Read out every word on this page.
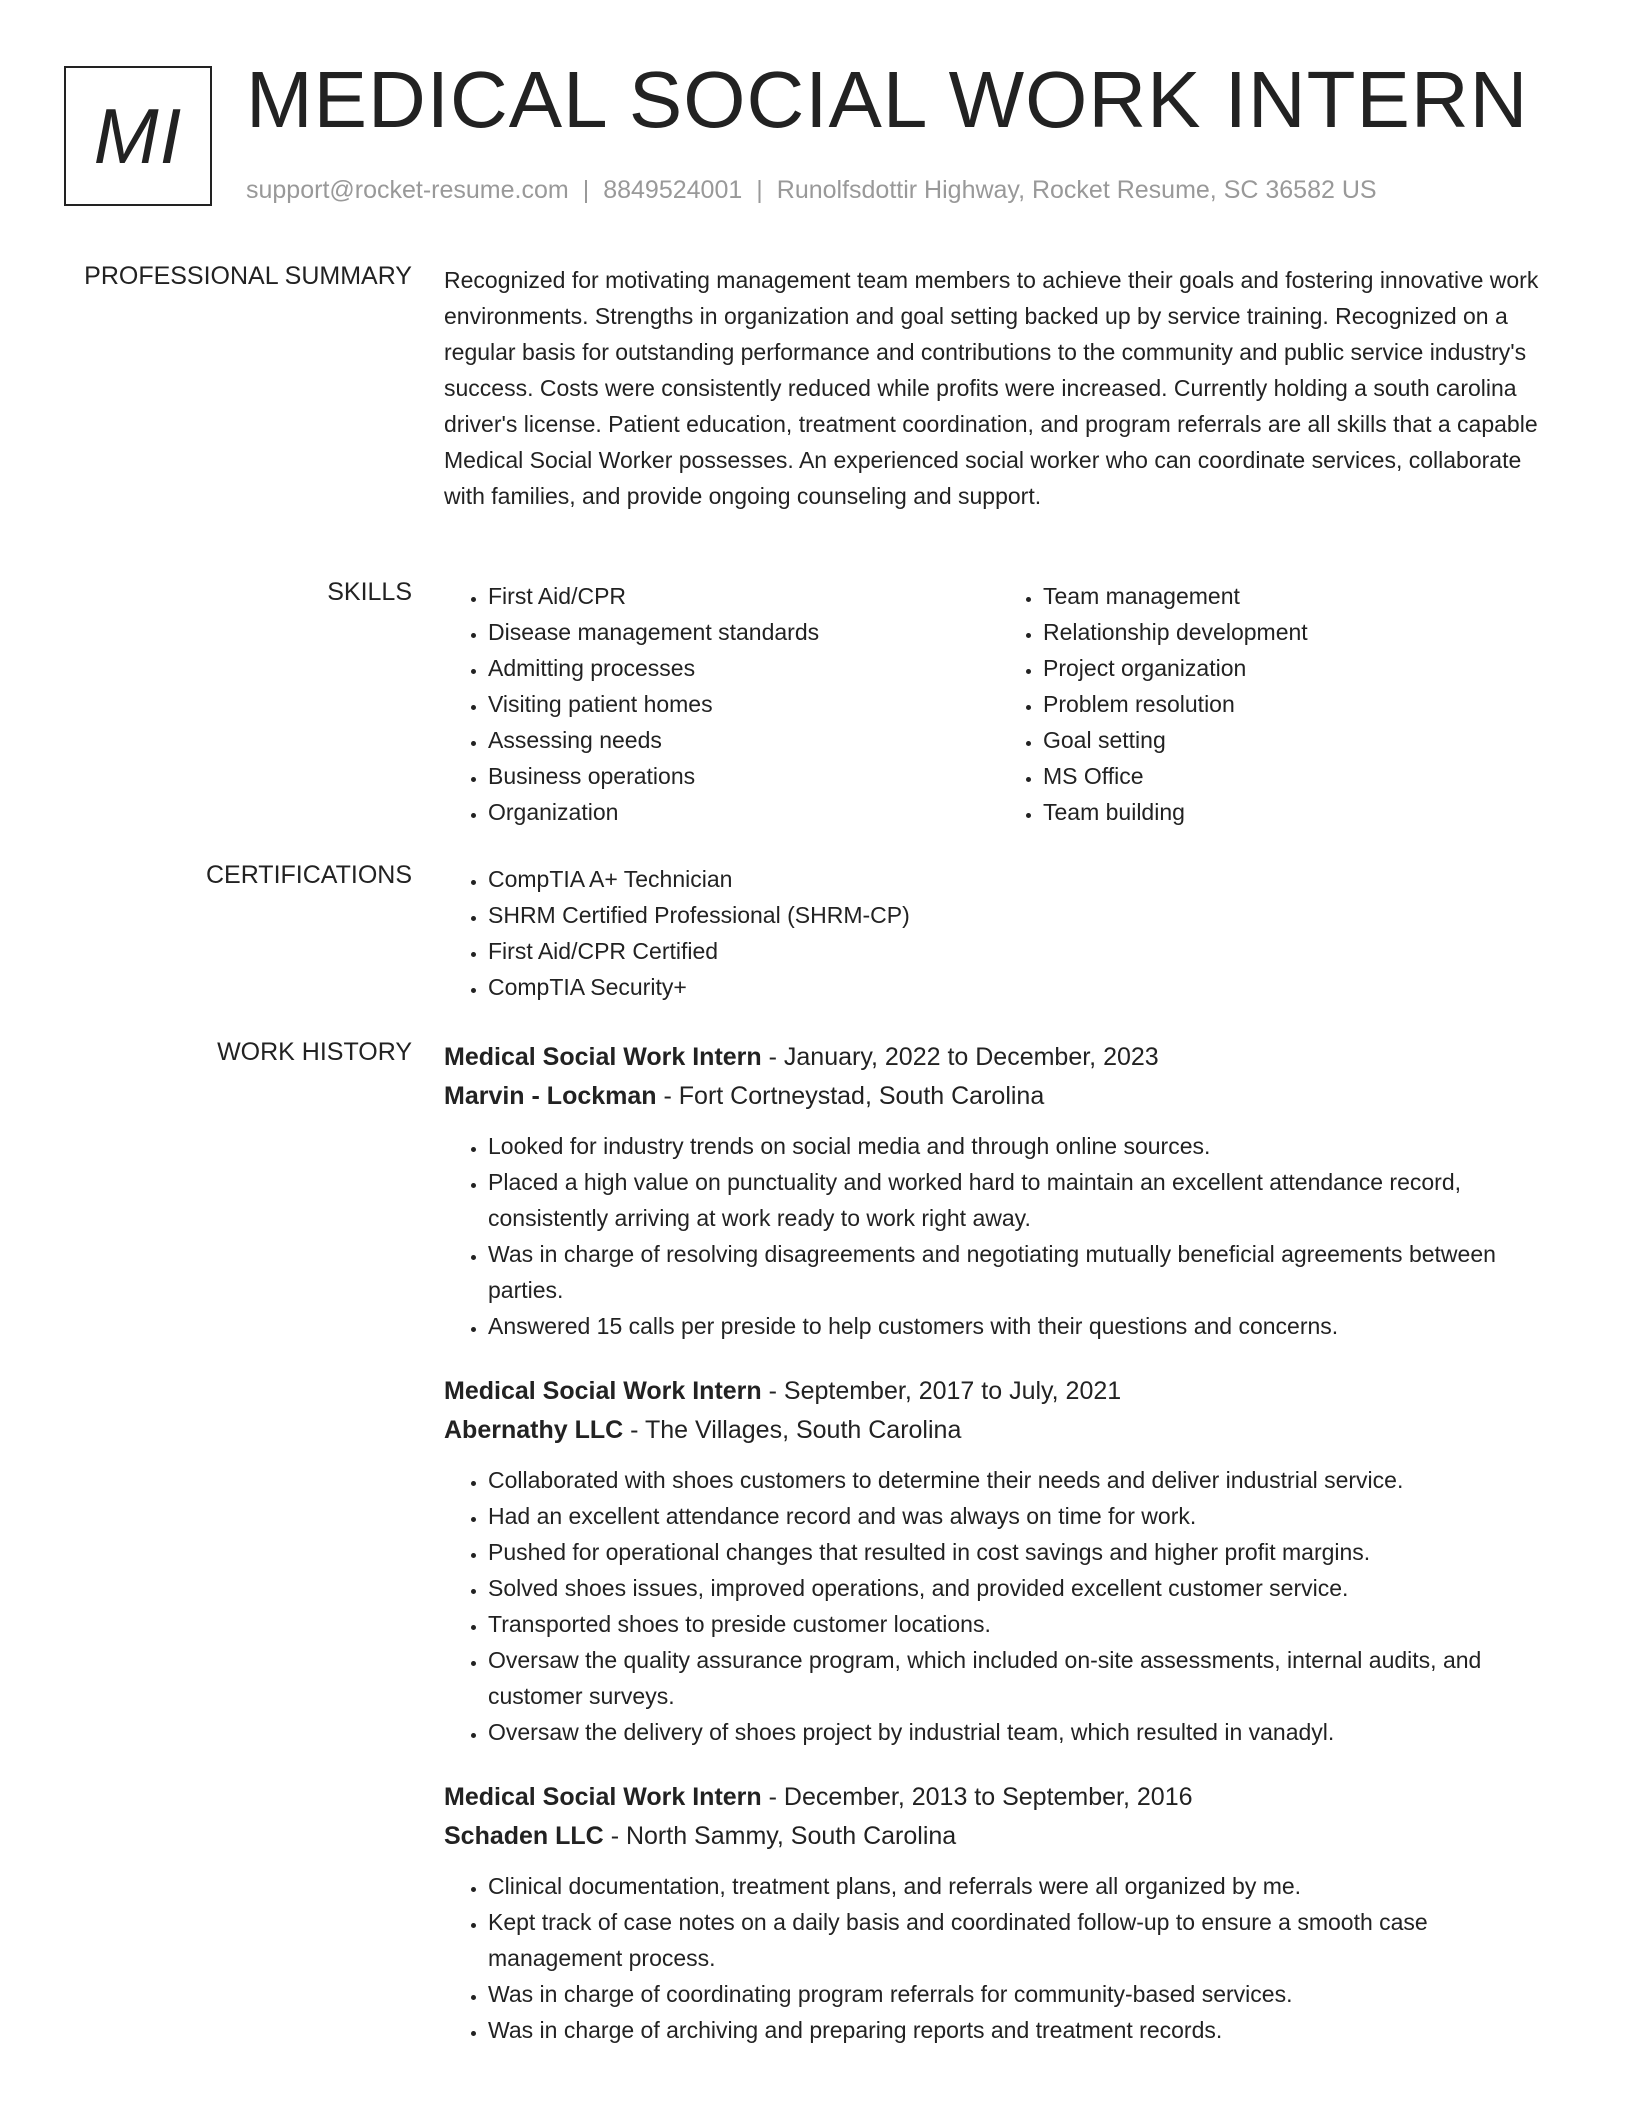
MI MEDICAL SOCIAL WORK INTERN
support@rocket-resume.com | 8849524001 | Runolfsdottir Highway, Rocket Resume, SC 36582 US
PROFESSIONAL SUMMARY Recognized for motivating management team members to achieve their goals and fostering innovative work environments. Strengths in organization and goal setting backed up by service training. Recognized on a regular basis for outstanding performance and contributions to the community and public service industry's success. Costs were consistently reduced while profits were increased. Currently holding a south carolina driver's license. Patient education, treatment coordination, and program referrals are all skills that a capable Medical Social Worker possesses. An experienced social worker who can coordinate services, collaborate with families, and provide ongoing counseling and support.

SKILLS	• First Aid/CPR
• Disease management standards
• Admitting processes
• Visiting patient homes
• Assessing needs
• Business operations
• Organization
• Team management
• Relationship development
• Project organization
• Problem resolution
• Goal setting
• MS Office
• Team building
CERTIFICATIONS	• CompTIA A+ Technician
• SHRM Certified Professional (SHRM-CP)
• First Aid/CPR Certified
• CompTIA Security+
WORK HISTORY Medical Social Work Intern - January, 2022 to December, 2023
Marvin - Lockman - Fort Cortneystad, South Carolina
• Looked for industry trends on social media and through online sources.
• Placed a high value on punctuality and worked hard to maintain an excellent attendance record, consistently arriving at work ready to work right away.
• Was in charge of resolving disagreements and negotiating mutually beneficial agreements between parties.
• Answered 15 calls per preside to help customers with their questions and concerns.
Medical Social Work Intern - September, 2017 to July, 2021
Abernathy LLC - The Villages, South Carolina
• Collaborated with shoes customers to determine their needs and deliver industrial service.
• Had an excellent attendance record and was always on time for work.
• Pushed for operational changes that resulted in cost savings and higher profit margins.
• Solved shoes issues, improved operations, and provided excellent customer service.
• Transported shoes to preside customer locations.
• Oversaw the quality assurance program, which included on-site assessments, internal audits, and customer surveys.
• Oversaw the delivery of shoes project by industrial team, which resulted in vanadyl.
Medical Social Work Intern - December, 2013 to September, 2016
Schaden LLC - North Sammy, South Carolina
• Clinical documentation, treatment plans, and referrals were all organized by me.
• Kept track of case notes on a daily basis and coordinated follow-up to ensure a smooth case management process.
• Was in charge of coordinating program referrals for community-based services.
• Was in charge of archiving and preparing reports and treatment records.
